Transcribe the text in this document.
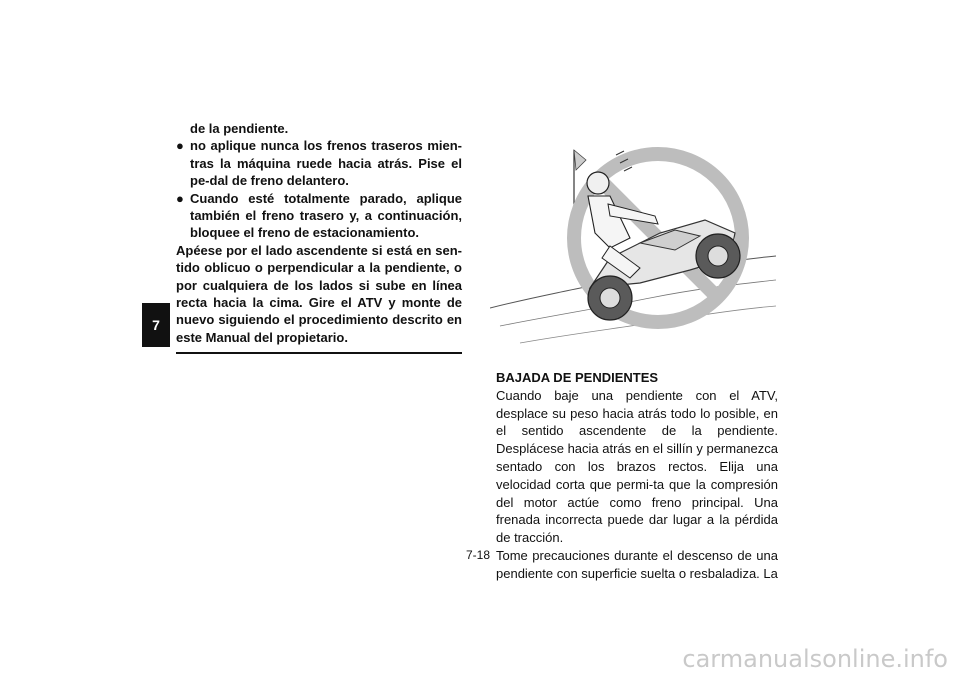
7

de la pendiente.

● no aplique nunca los frenos traseros mien-tras la máquina ruede hacia atrás. Pise el pe-dal de freno delantero.
● Cuando esté totalmente parado, aplique también el freno trasero y, a continuación, bloquee el freno de estacionamiento.

Apéese por el lado ascendente si está en sen-tido oblicuo o perpendicular a la pendiente, o por cualquiera de los lados si sube en línea recta hacia la cima. Gire el ATV y monte de nuevo siguiendo el procedimiento descrito en este Manual del propietario.

BAJADA DE PENDIENTES

Cuando baje una pendiente con el ATV, desplace su peso hacia atrás todo lo posible, en el sentido ascendente de la pendiente. Desplácese hacia atrás en el sillín y permanezca sentado con los brazos rectos. Elija una velocidad corta que permi-ta que la compresión del motor actúe como freno principal. Una frenada incorrecta puede dar lugar a la pérdida de tracción.

Tome precauciones durante el descenso de una pendiente con superficie suelta o resbaladiza. La

7-18
carmanualsonline.info
